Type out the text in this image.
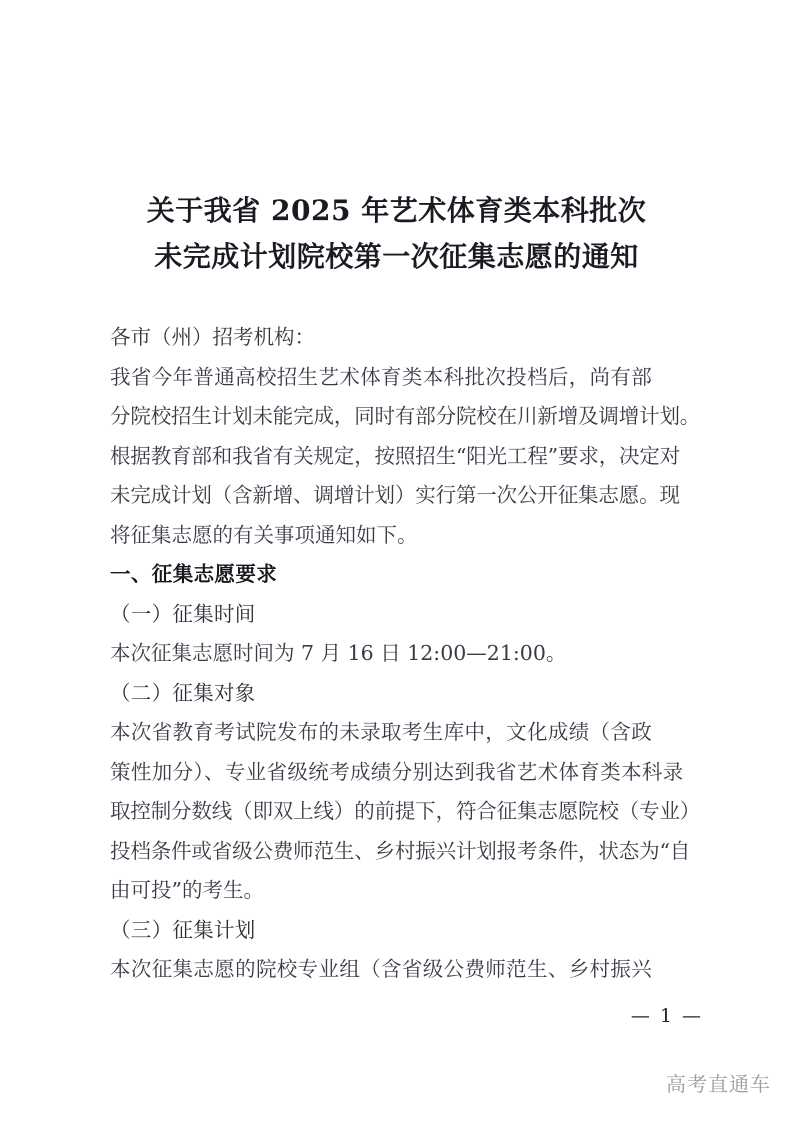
关于我省 2025 年艺术体育类本科批次
未完成计划院校第一次征集志愿的通知
各市（州）招考机构：
我省今年普通高校招生艺术体育类本科批次投档后，尚有部
分院校招生计划未能完成，同时有部分院校在川新增及调增计划。
根据教育部和我省有关规定，按照招生“阳光工程”要求，决定对
未完成计划（含新增、调增计划）实行第一次公开征集志愿。现
将征集志愿的有关事项通知如下。
一、征集志愿要求
（一）征集时间
本次征集志愿时间为 7 月 16 日 12:00—21:00。
（二）征集对象
本次省教育考试院发布的未录取考生库中，文化成绩（含政
策性加分）、专业省级统考成绩分别达到我省艺术体育类本科录
取控制分数线（即双上线）的前提下，符合征集志愿院校（专业）
投档条件或省级公费师范生、乡村振兴计划报考条件，状态为“自
由可投”的考生。
（三）征集计划
本次征集志愿的院校专业组（含省级公费师范生、乡村振兴
— 1 —
高考直通车
